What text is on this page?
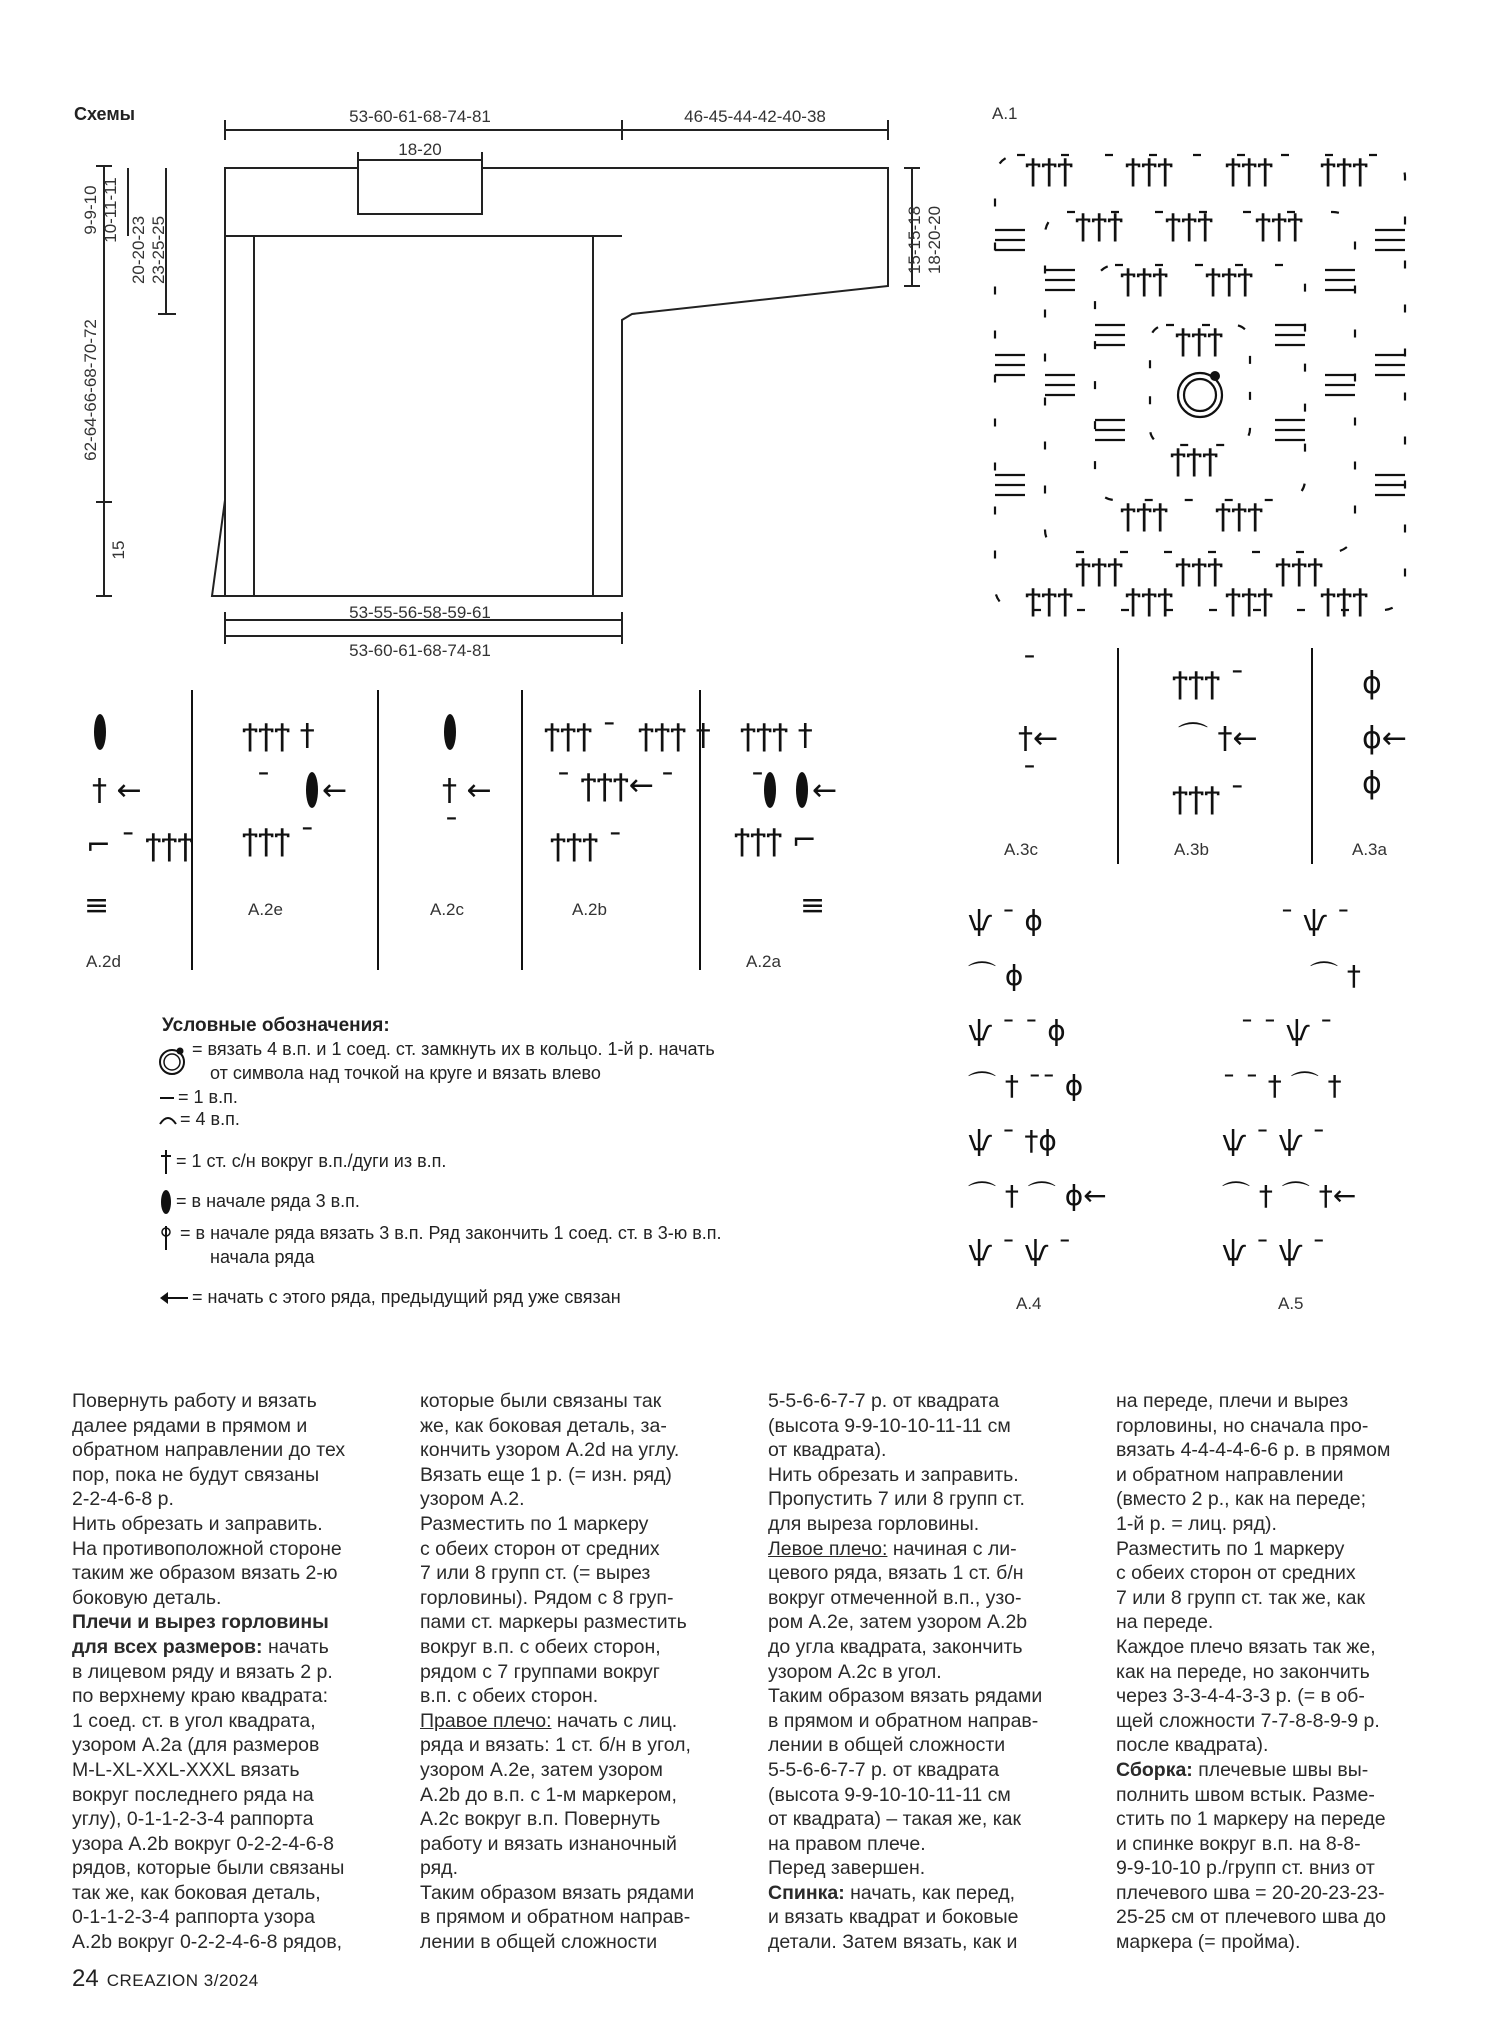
Схемы	53-60-61-68-74-81
18-20
46-45-44-42-40-38
53-55-56-58-59-61
53-60-61-68-74-81
62-64-66-68-70-72
15
9-9-10
10-11-11
20-20-23
23-25-25	15-15-18
18-20-20
A.1
ϯϯϯ ϯϯϯ ϯϯϯ ϯϯϯ
ϯϯϯ ϯϯϯ ϯϯϯ
ϯϯϯ ϯϯϯ
ϯϯϯ
ϯϯϯ
ϯϯϯ ϯϯϯ
ϯϯϯ ϯϯϯ ϯϯϯ
ϯϯϯ ϯϯϯ ϯϯϯ ϯϯϯ
† ←
⌐ ¯ ϯϯϯ
≡
ϯϯϯ †
¯ ←
ϯϯϯ ¯
† ←
¯
ϯϯϯ ¯
¯ ϯϯϯ←
ϯϯϯ ¯
ϯϯϯ †
¯
ϯϯϯ †
¯ ←
ϯϯϯ ⌐
≡
A.2d
A.2e	A.2c	A.2b
A.2a
¯
†←
¯
ϯϯϯ ¯
⌒ †←
ϯϯϯ ¯
ϕ
ϕ←
ϕ
A.3c	A.3b	A.3a
ѱ ¯ ϕ
⌒ ϕ
ѱ ¯ ¯ ϕ
⌒ † ¯¯ ϕ
ѱ ¯ †ϕ
⌒ † ⌒ ϕ←
ѱ ¯ ѱ ¯
¯ ѱ ¯
⌒ †
¯ ¯ ѱ ¯
¯ ¯ † ⌒ †
ѱ ¯ ѱ ¯
⌒ † ⌒ †←
ѱ ¯ ѱ ¯
A.4	A.5
Условные обозначения:
= вязать 4 в.п. и 1 соед. ст. замкнуть их в кольцо. 1-й р. начать
от символа над точкой на круге и вязать влево
= 1 в.п.
= 4 в.п.
= 1 ст. с/н вокруг в.п./дуги из в.п.
= в начале ряда 3 в.п.
= в начале ряда вязать 3 в.п. Ряд закончить 1 соед. ст. в 3-ю в.п.
начала ряда
= начать с этого ряда, предыдущий ряд уже связан

Повернуть работу и вязать

далее рядами в прямом и

обратном направлении до тех

пор, пока не будут связаны

2-2-4-6-8 р.

Нить обрезать и заправить.

На противоположной стороне

таким же образом вязать 2-ю

боковую деталь.

Плечи и вырез горловины

для всех размеров: начать

в лицевом ряду и вязать 2 р.

по верхнему краю квадрата:

1 соед. ст. в угол квадрата,

узором A.2a (для размеров

M-L-XL-XXL-XXXL вязать

вокруг последнего ряда на

углу), 0-1-1-2-3-4 раппорта

узора A.2b вокруг 0-2-2-4-6-8

рядов, которые были связаны

так же, как боковая деталь,

0-1-1-2-3-4 раппорта узора

A.2b вокруг 0-2-2-4-6-8 рядов,

которые были связаны так

же, как боковая деталь, за-

кончить узором A.2d на углу.

Вязать еще 1 р. (= изн. ряд)

узором A.2.

Разместить по 1 маркеру

с обеих сторон от средних

7 или 8 групп ст. (= вырез

горловины). Рядом с 8 груп-

пами ст. маркеры разместить

вокруг в.п. с обеих сторон,

рядом с 7 группами вокруг

в.п. с обеих сторон.

Правое плечо: начать с лиц.

ряда и вязать: 1 ст. б/н в угол,

узором A.2e, затем узором

A.2b до в.п. с 1-м маркером,

A.2c вокруг в.п. Повернуть

работу и вязать изнаночный

ряд.

Таким образом вязать рядами

в прямом и обратном направ-

лении в общей сложности

5-5-6-6-7-7 р. от квадрата

(высота 9-9-10-10-11-11 см

от квадрата).

Нить обрезать и заправить.

Пропустить 7 или 8 групп ст.

для выреза горловины.

Левое плечо: начиная с ли-

цевого ряда, вязать 1 ст. б/н

вокруг отмеченной в.п., узо-

ром A.2e, затем узором A.2b

до угла квадрата, закончить

узором A.2c в угол.

Таким образом вязать рядами

в прямом и обратном направ-

лении в общей сложности

5-5-6-6-7-7 р. от квадрата

(высота 9-9-10-10-11-11 см

от квадрата) – такая же, как

на правом плече.

Перед завершен.

Спинка: начать, как перед,

и вязать квадрат и боковые

детали. Затем вязать, как и

на переде, плечи и вырез

горловины, но сначала про-

вязать 4-4-4-4-6-6 р. в прямом

и обратном направлении

(вместо 2 р., как на переде;

1-й р. = лиц. ряд).

Разместить по 1 маркеру

с обеих сторон от средних

7 или 8 групп ст. так же, как

на переде.

Каждое плечо вязать так же,

как на переде, но закончить

через 3-3-4-4-3-3 р. (= в об-

щей сложности 7-7-8-8-9-9 р.

после квадрата).

Сборка: плечевые швы вы-

полнить швом встык. Разме-

стить по 1 маркеру на переде

и спинке вокруг в.п. на 8-8-

9-9-10-10 р./групп ст. вниз от

плечевого шва = 20-20-23-23-

25-25 см от плечевого шва до

маркера (= пройма).

24 CREAZION 3/2024
